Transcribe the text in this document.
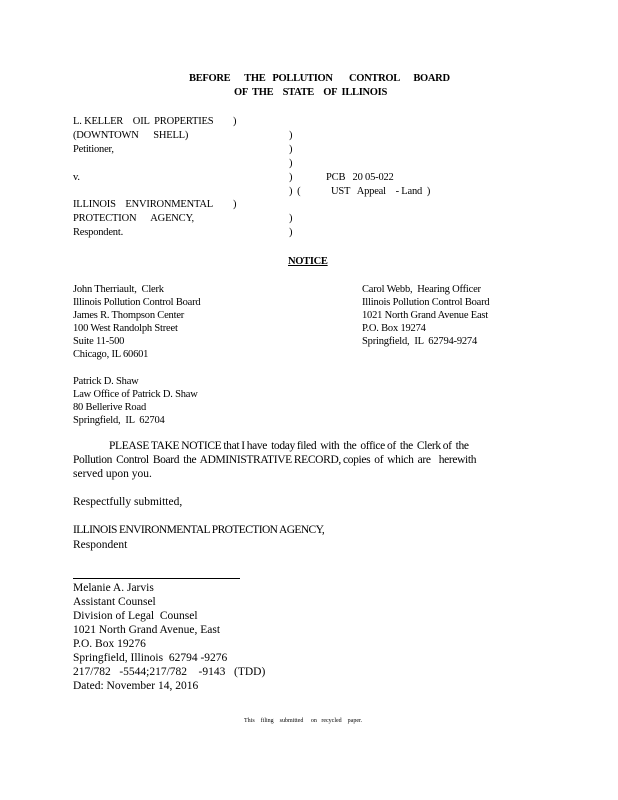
BEFORE      THE   POLLUTION       CONTROL      BOARD
OF  THE    STATE    OF  ILLINOIS
L. KELLER    OIL  PROPERTIES
(DOWNTOWN      SHELL)
Petitioner,
v.
ILLINOIS    ENVIRONMENTAL
PROTECTION      AGENCY,
Respondent.
)
)
)
)
)
)  (
)
)
)
PCB   20 05-022
UST   Appeal    - Land  )
NOTICE
John Therriault,  Clerk
Illinois Pollution Control Board
James R. Thompson Center
100 West Randolph Street
Suite 11-500
Chicago, IL 60601
Carol Webb,  Hearing Officer
Illinois Pollution Control Board
1021 North Grand Avenue East
P.O. Box 19274
Springfield,  IL  62794-9274
Patrick D. Shaw
Law Office of Patrick D. Shaw
80 Bellerive Road
Springfield,  IL  62704
PLEASE TAKE NOTICE that I have  today filed  with  the  office of  the  Clerk of  the
Pollution  Control  Board  the  ADMINISTRATIVE RECORD, copies  of  which  are    herewith
served upon you.
Respectfully submitted,
ILLINOIS ENVIRONMENTAL PROTECTION AGENCY,
Respondent
Melanie A. Jarvis
Assistant Counsel
Division of Legal  Counsel
1021 North Grand Avenue, East
P.O. Box 19276
Springfield, Illinois  62794 -9276
217/782   -5544;217/782    -9143   (TDD)
Dated: November 14, 2016
This    filing    submitted     on   recycled    paper.
